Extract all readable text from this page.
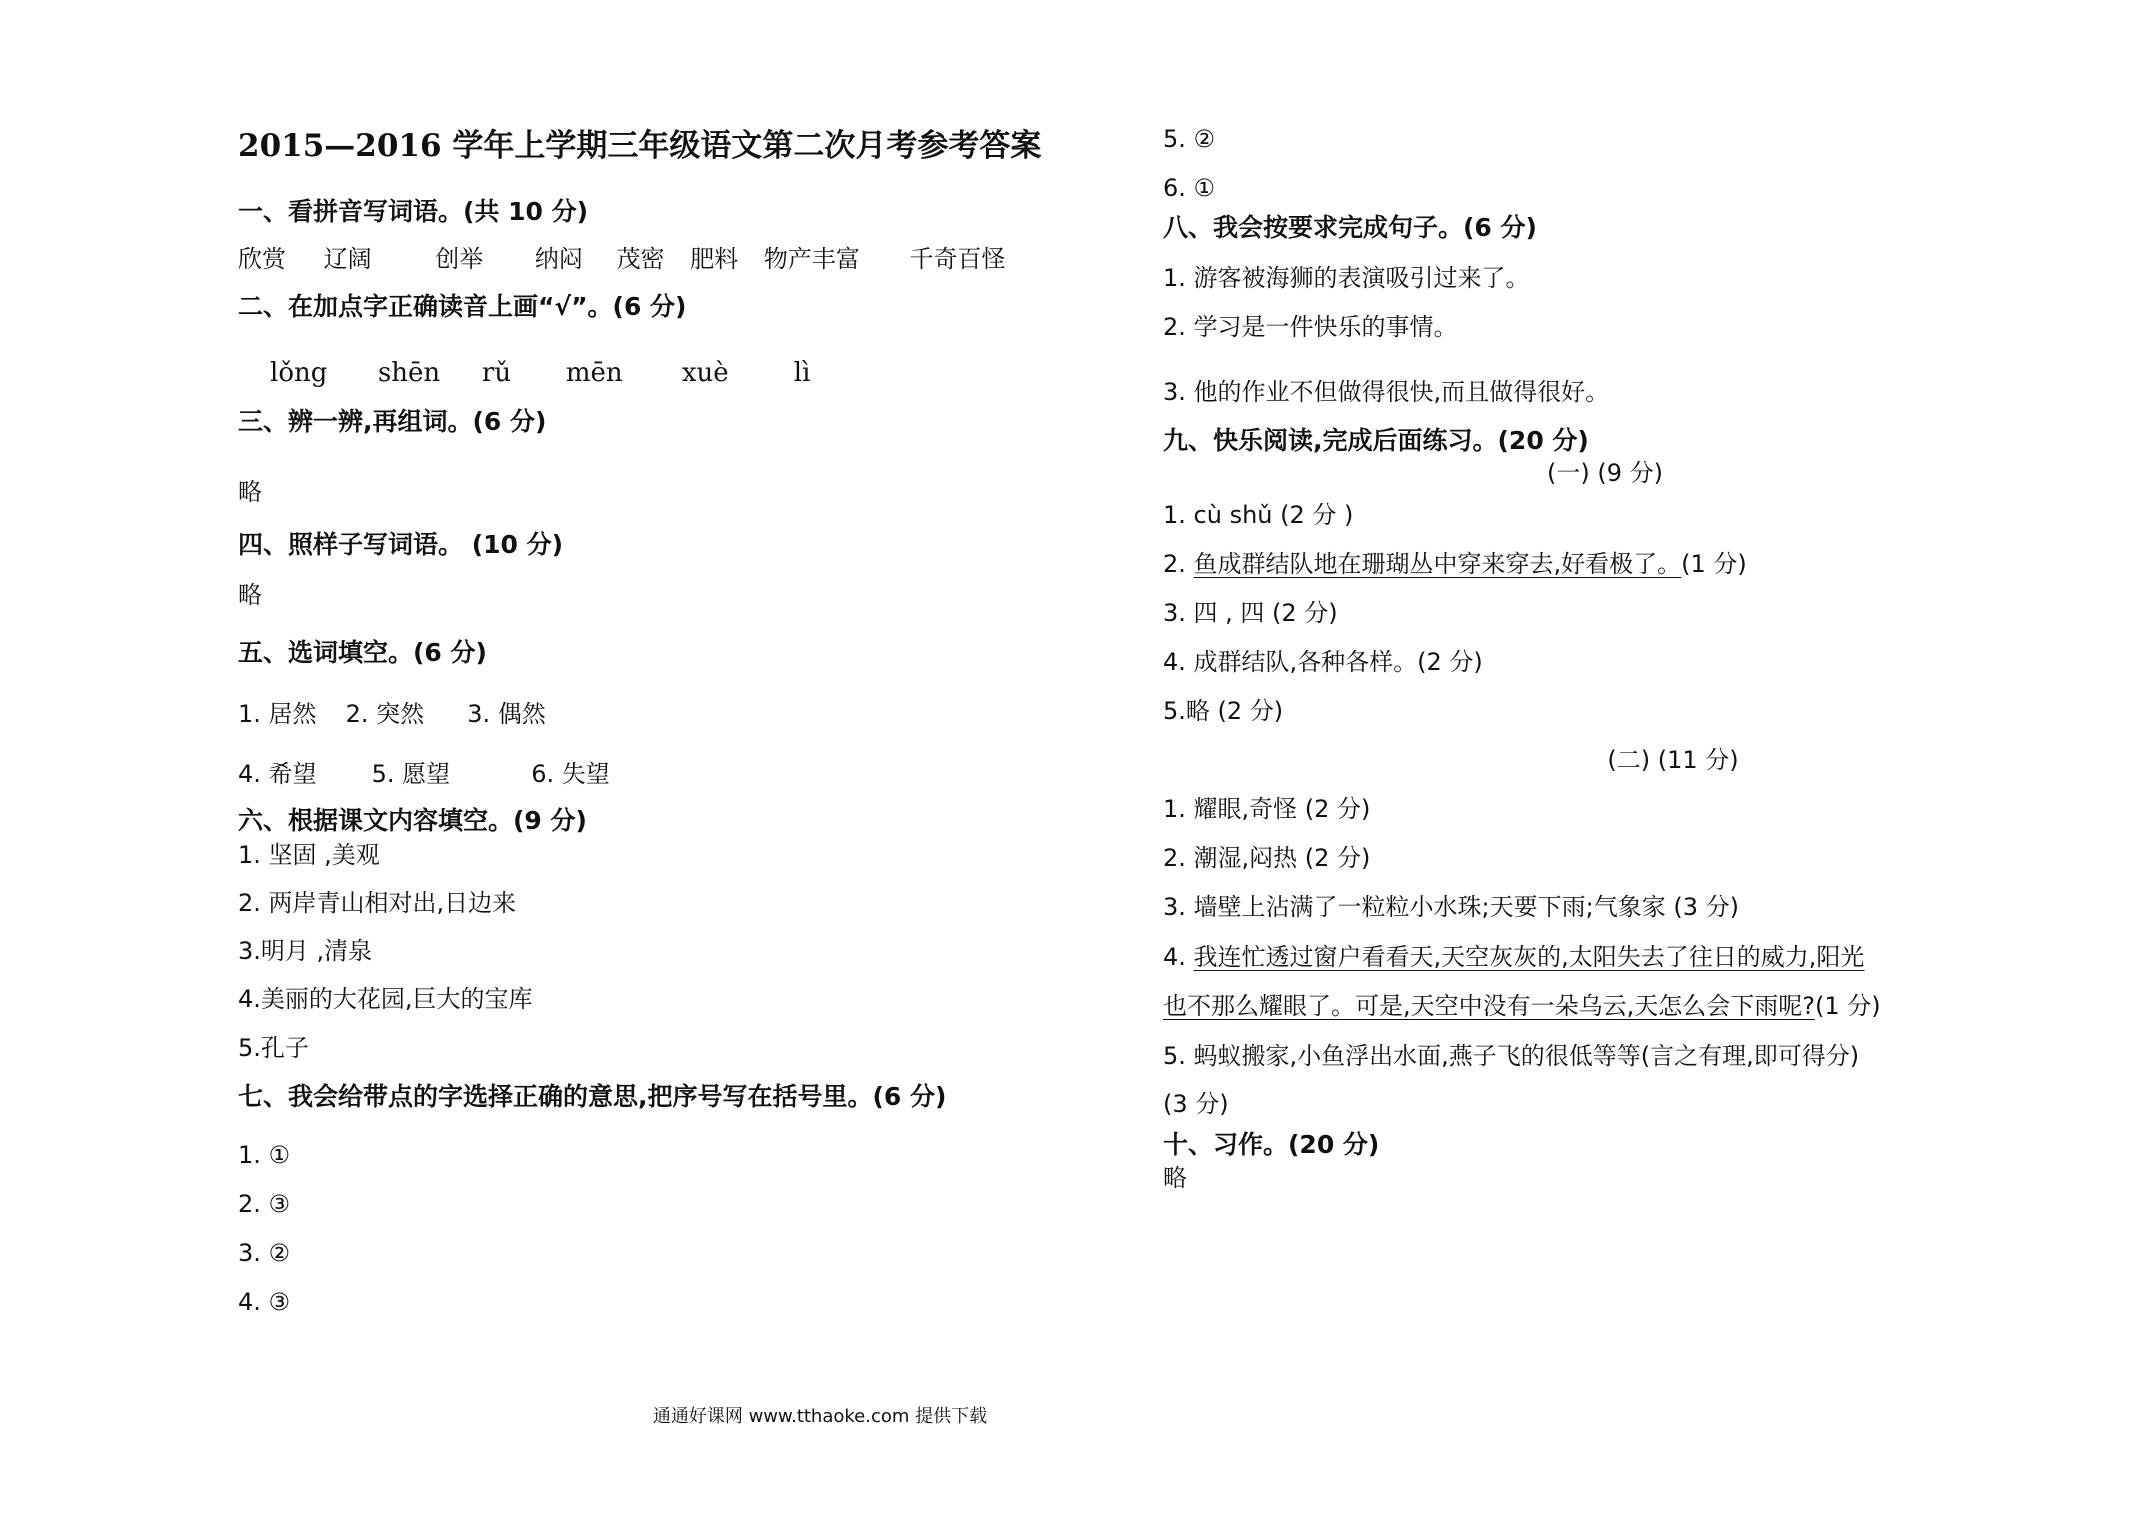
2015—2016 学年上学期三年级语文第二次月考参考答案
一、看拼音写词语。(共 10 分)
欣赏 辽阔	创举 纳闷 茂密 肥料 物产丰富 千奇百怪
二、在加点字正确读音上画“√”。(6 分)
lǒng shēn rǔ mēn xuè	lì
三、辨一辨,再组词。(6 分)
略
四、照样子写词语。 (10 分)
略
五、选词填空。(6 分)
1. 居然 2. 突然 3. 偶然
4. 希望 5. 愿望	6. 失望
六、根据课文内容填空。(9 分)
1. 坚固 ,美观
2. 两岸青山相对出,日边来
3.明月 ,清泉
4.美丽的大花园,巨大的宝库
5.孔子
七、我会给带点的字选择正确的意思,把序号写在括号里。(6 分)
1. ①
2. ③
3. ②
4. ③
5. ②
6. ①
八、我会按要求完成句子。(6 分)
1. 游客被海狮的表演吸引过来了。
2. 学习是一件快乐的事情。
3. 他的作业不但做得很快,而且做得很好。
九、快乐阅读,完成后面练习。(20 分)
(一) (9 分)
1. cù shǔ (2 分 )
2. 鱼成群结队地在珊瑚丛中穿来穿去,好看极了。(1 分)
3. 四 , 四 (2 分)
4. 成群结队,各种各样。(2 分)
5.略 (2 分)
(二) (11 分)
1. 耀眼,奇怪 (2 分)
2. 潮湿,闷热 (2 分)
3. 墙壁上沾满了一粒粒小水珠;天要下雨;气象家 (3 分)
4. 我连忙透过窗户看看天,天空灰灰的,太阳失去了往日的威力,阳光
也不那么耀眼了。可是,天空中没有一朵乌云,天怎么会下雨呢?(1 分)
5. 蚂蚁搬家,小鱼浮出水面,燕子飞的很低等等(言之有理,即可得分)
(3 分)
十、习作。(20 分)
略
通通好课网 www.tthaoke.com 提供下载
